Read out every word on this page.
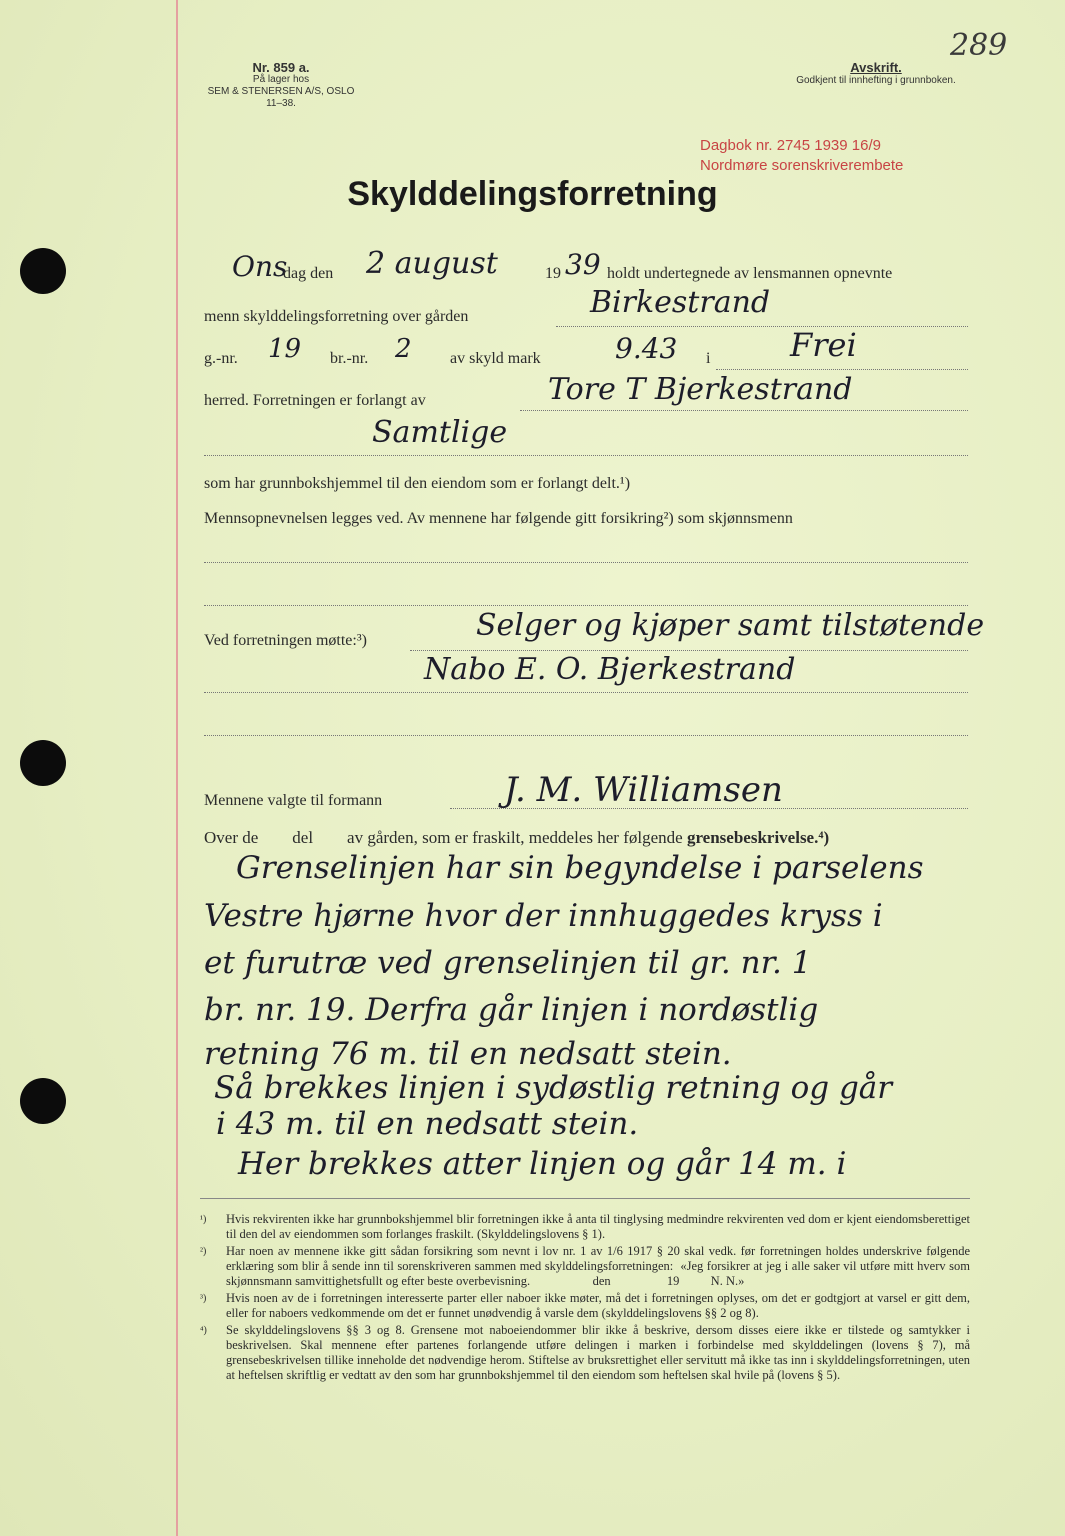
289
Nr. 859 a.
På lager hos
SEM & STENERSEN A/S, OSLO
11–38.
Avskrift.
Godkjent til innhefting i grunnboken.
Dagbok nr. 2745 1939 16/9
Nordmøre sorenskriverembete
Skylddelingsforretning
Ons
dag den 2 august	19 39 holdt undertegnede av lensmannen opnevnte
menn skylddelingsforretning over gården	Birkestrand
g.-nr. 19 br.-nr. 2 av skyld mark	9.43 i Frei
herred. Forretningen er forlangt av	Tore T Bjerkestrand
Samtlige
som har grunnbokshjemmel til den eiendom som er forlangt delt.¹)
Mennsopnevnelsen legges ved. Av mennene har følgende gitt forsikring²) som skjønnsmenn
Ved forretningen møtte:³)	Selger og kjøper samt tilstøtende
Nabo E. O. Bjerkestrand
Mennene valgte til formann	J. M. Williamsen
Over de        del        av gården, som er fraskilt, meddeles her følgende grensebeskrivelse.⁴)
Grenselinjen har sin begyndelse i parselens
Vestre hjørne hvor der innhuggedes kryss i
et furutræ ved grenselinjen til gr. nr. 1
br. nr. 19. Derfra går linjen i nordøstlig
retning 76 m. til en nedsatt stein.
Så brekkes linjen i sydøstlig retning og går
i 43 m. til en nedsatt stein.
Her brekkes atter linjen og går 14 m. i
¹)	Hvis rekvirenten ikke har grunnbokshjemmel blir forretningen ikke å anta til tinglysing medmindre rekvirenten ved dom er kjent eiendomsberettiget til den del av eiendommen som forlanges fraskilt. (Skylddelingslovens § 1).
²)	Har noen av mennene ikke gitt sådan forsikring som nevnt i lov nr. 1 av 1/6 1917 § 20 skal vedk. før forretningen holdes underskrive følgende erklæring som blir å sende inn til sorenskriveren sammen med skylddelingsforretningen:  «Jeg forsikrer at jeg i alle saker vil utføre mitt hverv som skjønnsmann samvittighetsfullt og efter beste overbevisning.                    den                  19          N. N.»
³)	Hvis noen av de i forretningen interesserte parter eller naboer ikke møter, må det i forretningen oplyses, om det er godtgjort at varsel er gitt dem, eller for naboers vedkommende om det er funnet unødvendig å varsle dem (skylddelingslovens §§ 2 og 8).
⁴)	Se skylddelingslovens §§ 3 og 8. Grensene mot naboeiendommer blir ikke å beskrive, dersom disses eiere ikke er tilstede og samtykker i beskrivelsen. Skal mennene efter partenes forlangende utføre delingen i marken i forbindelse med skylddelingen (lovens § 7), må grensebeskrivelsen tillike inneholde det nødvendige herom. Stiftelse av bruksrettighet eller servitutt må ikke tas inn i skylddelingsforretningen, uten at heftelsen skriftlig er vedtatt av den som har grunnbokshjemmel til den eiendom som heftelsen skal hvile på (lovens § 5).
